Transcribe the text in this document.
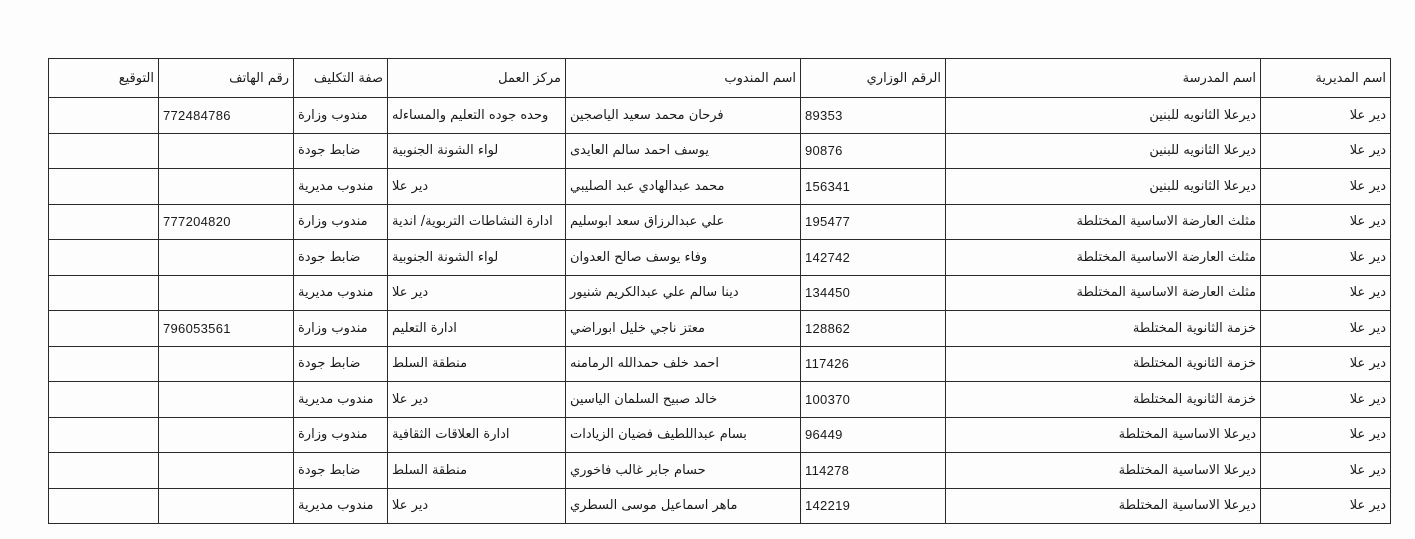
اسم المديرية	اسم المدرسة	الرقم الوزاري	اسم المندوب	مركز العمل	صفة التكليف	رقم الهاتف	التوقيع
دير علا	ديرعلا الثانويه للبنين	89353	فرحان محمد سعيد الياصجين	وحده جوده التعليم والمساءله	مندوب وزارة	772484786	
دير علا	ديرعلا الثانويه للبنين	90876	يوسف احمد سالم العايدى	لواء الشونة الجنوبية	ضابط جودة		
دير علا	ديرعلا الثانويه للبنين	156341	محمد عبدالهادي عبد الصليبي	دير علا	مندوب مديرية		
دير علا	مثلث العارضة الاساسية المختلطة	195477	علي عبدالرزاق سعد ابوسليم	ادارة النشاطات التربوية/ اندية	مندوب وزارة	777204820	
دير علا	مثلث العارضة الاساسية المختلطة	142742	وفاء يوسف صالح العدوان	لواء الشونة الجنوبية	ضابط جودة		
دير علا	مثلث العارضة الاساسية المختلطة	134450	دينا سالم علي عبدالكريم شنيور	دير علا	مندوب مديرية		
دير علا	خزمة الثانوية المختلطة	128862	معتز ناجي خليل ابوراضي	ادارة التعليم	مندوب وزارة	796053561	
دير علا	خزمة الثانوية المختلطة	117426	احمد خلف حمدالله الرمامنه	منطقة السلط	ضابط جودة		
دير علا	خزمة الثانوية المختلطة	100370	خالد صبيح السلمان الياسين	دير علا	مندوب مديرية		
دير علا	ديرعلا الاساسية المختلطة	96449	بسام عبداللطيف فضيان الزيادات	ادارة العلاقات الثقافية	مندوب وزارة		
دير علا	ديرعلا الاساسية المختلطة	114278	حسام جابر غالب فاخوري	منطقة السلط	ضابط جودة		
دير علا	ديرعلا الاساسية المختلطة	142219	ماهر اسماعيل موسى السطري	دير علا	مندوب مديرية		
